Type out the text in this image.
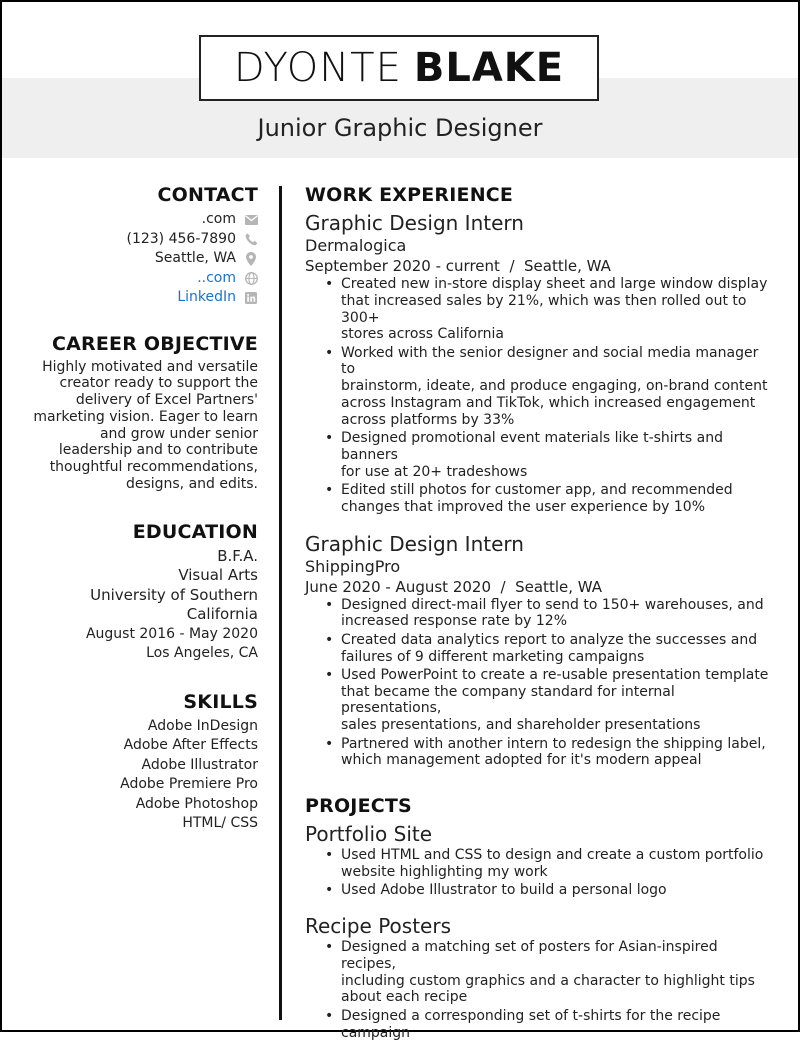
DYONTE BLAKE
Junior Graphic Designer
CONTACT
.com
(123) 456-7890
Seattle, WA
..com
LinkedIn
CAREER OBJECTIVE
Highly motivated and versatile
creator ready to support the
delivery of Excel Partners'
marketing vision. Eager to learn
and grow under senior
leadership and to contribute
thoughtful recommendations,
designs, and edits.
EDUCATION
B.F.A.
Visual Arts
University of Southern
California
August 2016 - May 2020
Los Angeles, CA
SKILLS
Adobe InDesign
Adobe After Effects
Adobe Illustrator
Adobe Premiere Pro
Adobe Photoshop
HTML/ CSS
WORK EXPERIENCE
Graphic Design Intern
Dermalogica
September 2020 - current  /  Seattle, WA
• Created new in-store display sheet and large window display
that increased sales by 21%, which was then rolled out to 300+
stores across California
• Worked with the senior designer and social media manager to
brainstorm, ideate, and produce engaging, on-brand content
across Instagram and TikTok, which increased engagement
across platforms by 33%
• Designed promotional event materials like t-shirts and banners
for use at 20+ tradeshows
• Edited still photos for customer app, and recommended
changes that improved the user experience by 10%
Graphic Design Intern
ShippingPro
June 2020 - August 2020  /  Seattle, WA
• Designed direct-mail flyer to send to 150+ warehouses, and
increased response rate by 12%
• Created data analytics report to analyze the successes and
failures of 9 different marketing campaigns
• Used PowerPoint to create a re-usable presentation template
that became the company standard for internal presentations,
sales presentations, and shareholder presentations
• Partnered with another intern to redesign the shipping label,
which management adopted for it's modern appeal
PROJECTS
Portfolio Site
• Used HTML and CSS to design and create a custom portfolio
website highlighting my work
• Used Adobe Illustrator to build a personal logo
Recipe Posters
• Designed a matching set of posters for Asian-inspired recipes,
including custom graphics and a character to highlight tips
about each recipe
• Designed a corresponding set of t-shirts for the recipe
campaign
